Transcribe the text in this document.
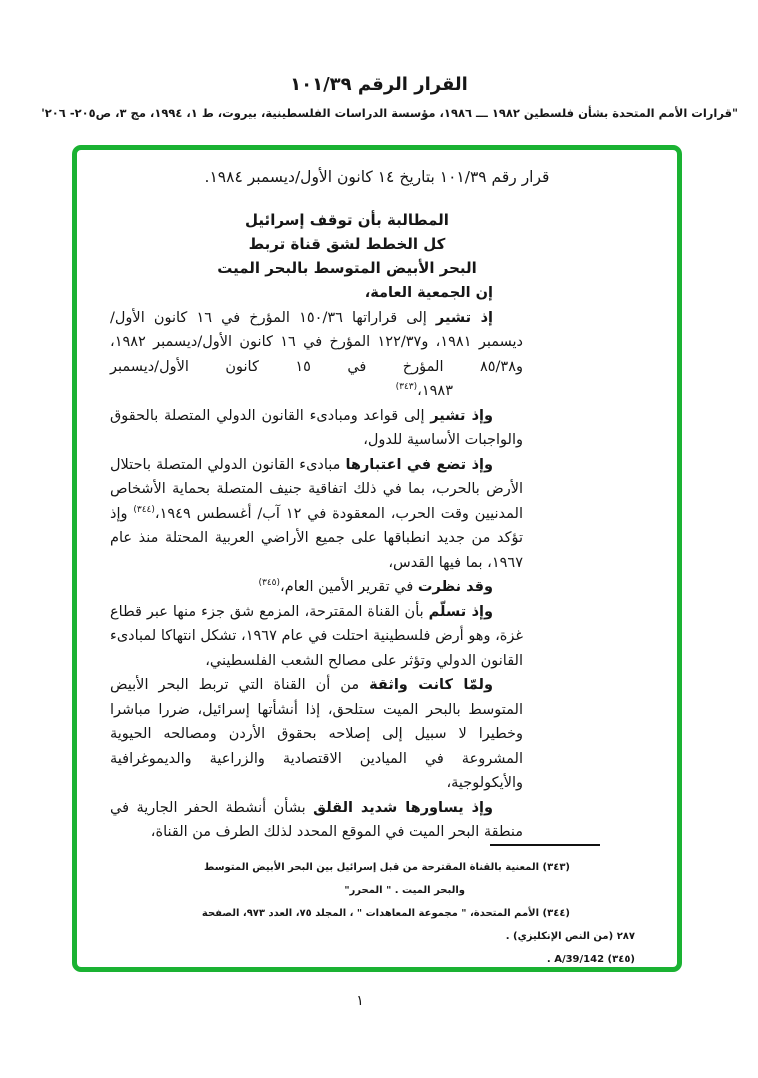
القرار الرقم ١٠١/٣٩
"قرارات الأمم المتحدة بشأن فلسطين ١٩٨٢ ـــ ١٩٨٦، مؤسسة الدراسات الفلسطينية، بيروت، ط ١، ١٩٩٤، مج ٣، ص٢٠٥- ٢٠٦'
قرار رقم ١٠١/٣٩ بتاريخ ١٤ كانون الأول/ديسمبر ١٩٨٤.
المطالبة بأن توقف إسرائيل
كل الخطط لشق قناة تربط
البحر الأبيض المتوسط بالبحر الميت

إن الجمعية العامة،

إذ تشير إلى قراراتها ١٥٠/٣٦ المؤرخ في ١٦ كانون الأول/ ديسمبر ١٩٨١، و١٢٢/٣٧ المؤرخ في ١٦ كانون الأول/ديسمبر ١٩٨٢، و٨٥/٣٨ المؤرخ في ١٥ كانون الأول/ديسمبر

١٩٨٣،$^{(٣٤٣)}$

وإذ تشير إلى قواعد ومبادىء القانون الدولي المتصلة بالحقوق والواجبات الأساسية للدول،

وإذ تضع في اعتبارها مبادىء القانون الدولي المتصلة باحتلال الأرض بالحرب، بما في ذلك اتفاقية جنيف المتصلة بحماية الأشخاص المدنيين وقت الحرب، المعقودة في ١٢ آب/ أغسطس ١٩٤٩،$^{(٣٤٤)}$ وإذ تؤكد من جديد انطباقها على جميع الأراضي العربية المحتلة منذ عام ١٩٦٧، بما فيها القدس،

وقد نظرت في تقرير الأمين العام،$^{(٣٤٥)}$

وإذ تسلّم بأن القناة المقترحة، المزمع شق جزء منها عبر قطاع غزة، وهو أرض فلسطينية احتلت في عام ١٩٦٧، تشكل انتهاكا لمبادىء القانون الدولي وتؤثر على مصالح الشعب الفلسطيني،

ولمّا كانت واثقة من أن القناة التي تربط البحر الأبيض المتوسط بالبحر الميت ستلحق، إذا أنشأتها إسرائيل، ضررا مباشرا وخطيرا لا سبيل إلى إصلاحه بحقوق الأردن ومصالحه الحيوية المشروعة في الميادين الاقتصادية والزراعية والديموغرافية والأيكولوجية،

وإذ يساورها شديد القلق بشأن أنشطة الحفر الجارية في منطقة البحر الميت في الموقع المحدد لذلك الطرف من القناة،

(٣٤٣) المعنية بالقناة المقترحة من قبل إسرائيل بين البحر الأبيض المتوسط
والبحر الميت . " المحرر"
(٣٤٤) الأمم المتحدة، " مجموعة المعاهدات " ، المجلد ٧٥، العدد ٩٧٣، الصفحة
٢٨٧ (من النص الإنكليزي) .
(٣٤٥) A/39/142 .
١
